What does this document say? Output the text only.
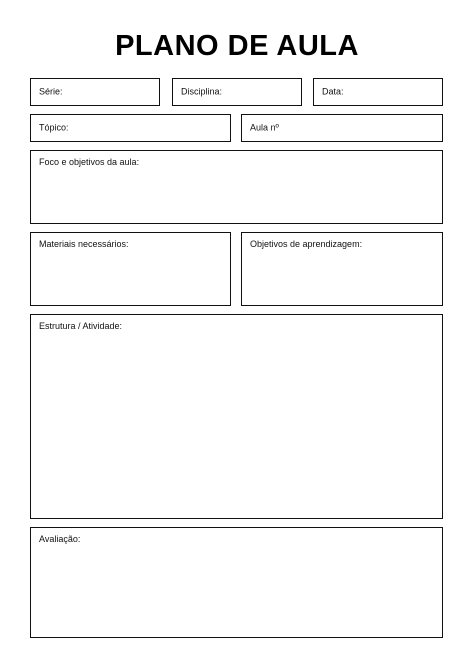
PLANO DE AULA
Série:	Disciplina:	Data:
Tópico:	Aula nº
Foco e objetivos da aula:
Materiais necessários:	Objetivos de aprendizagem:
Estrutura / Atividade:
Avaliação:
